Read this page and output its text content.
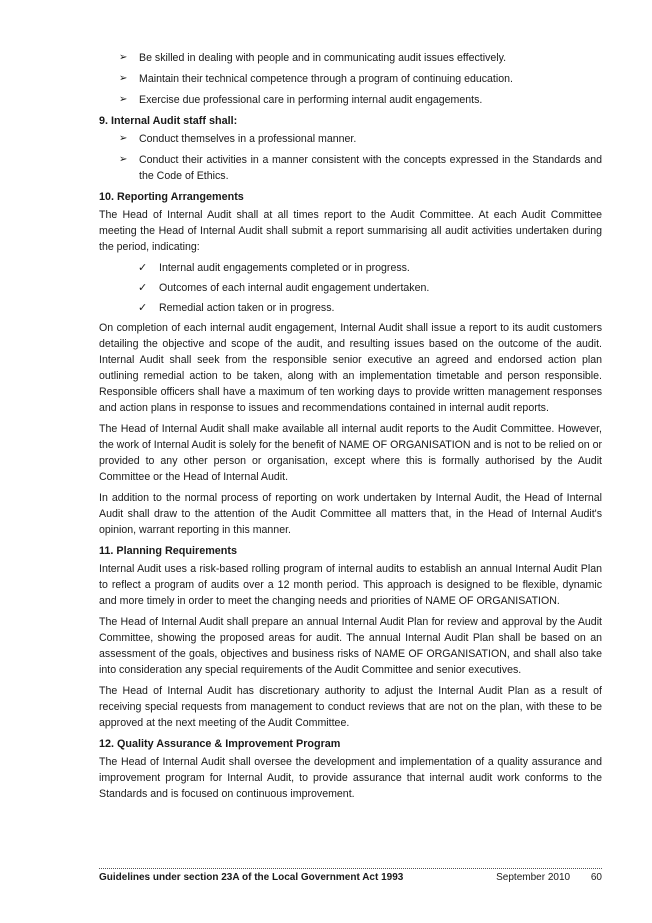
➢ Be skilled in dealing with people and in communicating audit issues effectively.
➢ Maintain their technical competence through a program of continuing education.
➢ Exercise due professional care in performing internal audit engagements.
9. Internal Audit staff shall:
➢ Conduct themselves in a professional manner.
➢ Conduct their activities in a manner consistent with the concepts expressed in the Standards and the Code of Ethics.
10. Reporting Arrangements

The Head of Internal Audit shall at all times report to the Audit Committee. At each Audit Committee meeting the Head of Internal Audit shall submit a report summarising all audit activities undertaken during the period, indicating:

✓ Internal audit engagements completed or in progress.
✓ Outcomes of each internal audit engagement undertaken.
✓ Remedial action taken or in progress.

On completion of each internal audit engagement, Internal Audit shall issue a report to its audit customers detailing the objective and scope of the audit, and resulting issues based on the outcome of the audit. Internal Audit shall seek from the responsible senior executive an agreed and endorsed action plan outlining remedial action to be taken, along with an implementation timetable and person responsible. Responsible officers shall have a maximum of ten working days to provide written management responses and action plans in response to issues and recommendations contained in internal audit reports.

The Head of Internal Audit shall make available all internal audit reports to the Audit Committee. However, the work of Internal Audit is solely for the benefit of NAME OF ORGANISATION and is not to be relied on or provided to any other person or organisation, except where this is formally authorised by the Audit Committee or the Head of Internal Audit.

In addition to the normal process of reporting on work undertaken by Internal Audit, the Head of Internal Audit shall draw to the attention of the Audit Committee all matters that, in the Head of Internal Audit's opinion, warrant reporting in this manner.

11. Planning Requirements

Internal Audit uses a risk-based rolling program of internal audits to establish an annual Internal Audit Plan to reflect a program of audits over a 12 month period. This approach is designed to be flexible, dynamic and more timely in order to meet the changing needs and priorities of NAME OF ORGANISATION.

The Head of Internal Audit shall prepare an annual Internal Audit Plan for review and approval by the Audit Committee, showing the proposed areas for audit. The annual Internal Audit Plan shall be based on an assessment of the goals, objectives and business risks of NAME OF ORGANISATION, and shall also take into consideration any special requirements of the Audit Committee and senior executives.

The Head of Internal Audit has discretionary authority to adjust the Internal Audit Plan as a result of receiving special requests from management to conduct reviews that are not on the plan, with these to be approved at the next meeting of the Audit Committee.

12. Quality Assurance & Improvement Program

The Head of Internal Audit shall oversee the development and implementation of a quality assurance and improvement program for Internal Audit, to provide assurance that internal audit work conforms to the Standards and is focused on continuous improvement.

Guidelines under section 23A of the Local Government Act 1993	September 2010 60
